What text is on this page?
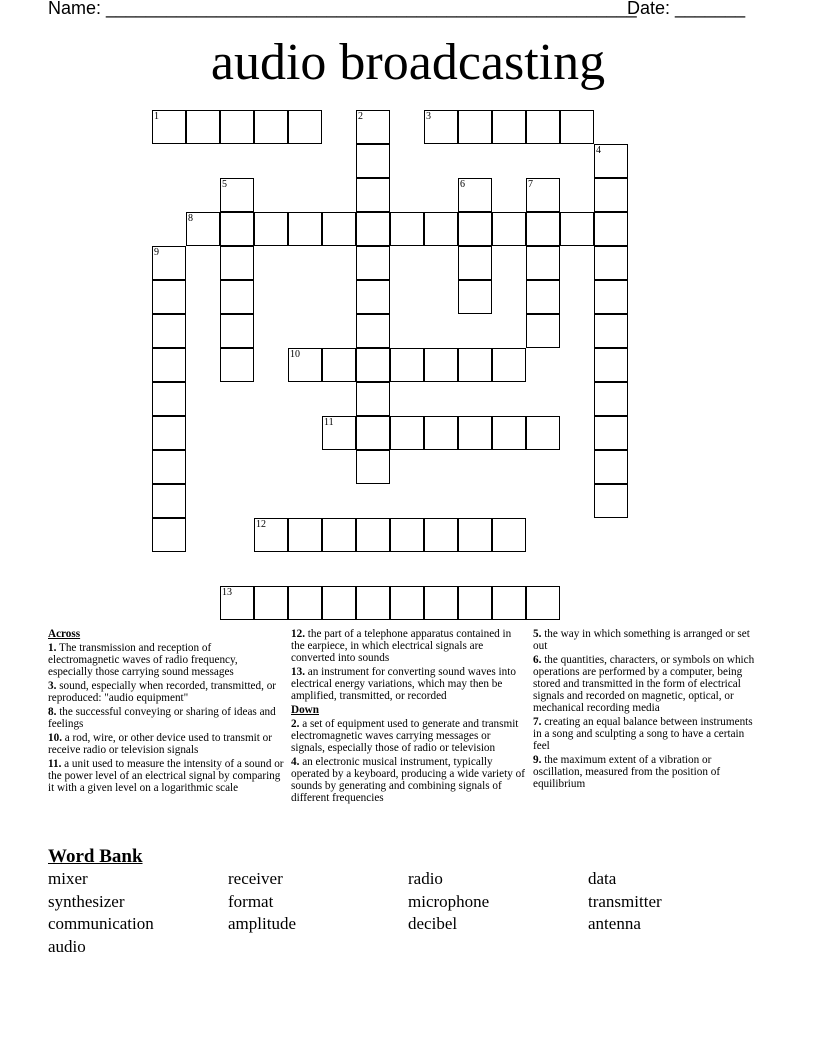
Name: _____________________________________________________
Date: _______
audio broadcasting
1	3
8
10
11
12
13
2
4
5	6	7
9
Across
1. The transmission and reception of electromagnetic waves of radio frequency, especially those carrying sound messages
3. sound, especially when recorded, transmitted, or reproduced: "audio equipment"
8. the successful conveying or sharing of ideas and feelings
10. a rod, wire, or other device used to transmit or receive radio or television signals
11. a unit used to measure the intensity of a sound or the power level of an electrical signal by comparing it with a given level on a logarithmic scale
12. the part of a telephone apparatus contained in the earpiece, in which electrical signals are converted into sounds
13. an instrument for converting sound waves into electrical energy variations, which may then be amplified, transmitted, or recorded
Down
2. a set of equipment used to generate and transmit electromagnetic waves carrying messages or signals, especially those of radio or television
4. an electronic musical instrument, typically operated by a keyboard, producing a wide variety of sounds by generating and combining signals of different frequencies
5. the way in which something is arranged or set out
6. the quantities, characters, or symbols on which operations are performed by a computer, being stored and transmitted in the form of electrical signals and recorded on magnetic, optical, or mechanical recording media
7. creating an equal balance between instruments in a song and sculpting a song to have a certain feel
9. the maximum extent of a vibration or oscillation, measured from the position of equilibrium
Word Bank
mixer	receiver	radio	data
synthesizer	format	microphone	transmitter
communication	amplitude	decibel	antenna
audio
